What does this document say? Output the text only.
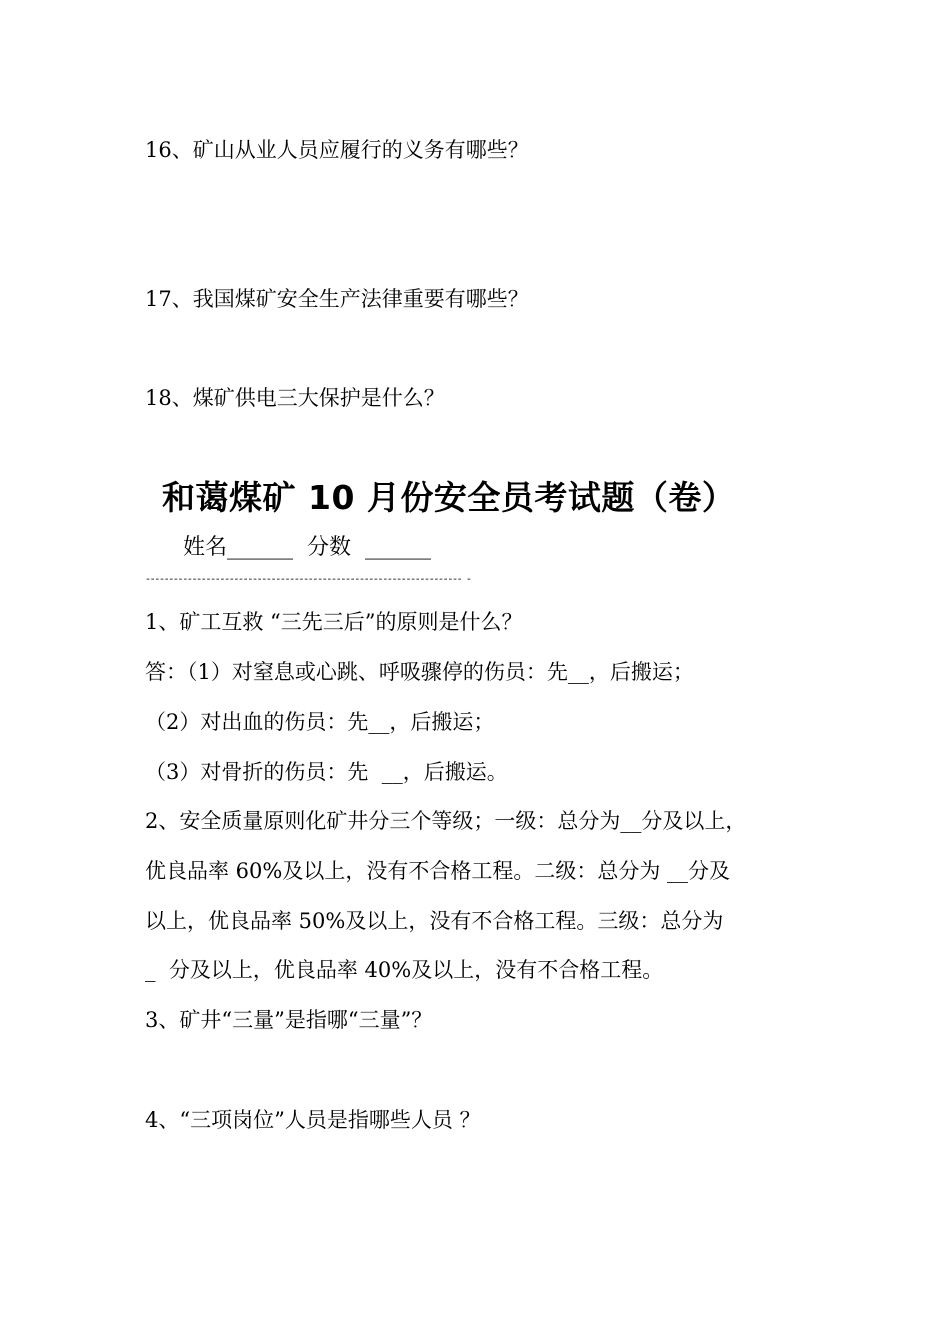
16、矿山从业人员应履行的义务有哪些？
17、我国煤矿安全生产法律重要有哪些？
18、煤矿供电三大保护是什么？
和蔼煤矿 10 月份安全员考试题（卷）
姓名______  分数  ______
-------------------------------------------------------------------- -
1、矿工互救 “三先三后”的原则是什么？
答：（1）对窒息或心跳、呼吸骤停的伤员：先__，后搬运；
（2）对出血的伤员：先__，后搬运；
（3）对骨折的伤员：先  __，后搬运。
2、安全质量原则化矿井分三个等级；一级：总分为__分及以上，
优良品率 60%及以上，没有不合格工程。二级：总分为 __分及
以上，优良品率 50%及以上，没有不合格工程。三级：总分为
_  分及以上，优良品率 40%及以上，没有不合格工程。
3、矿井“三量”是指哪“三量”？
4、“三项岗位”人员是指哪些人员 ？
